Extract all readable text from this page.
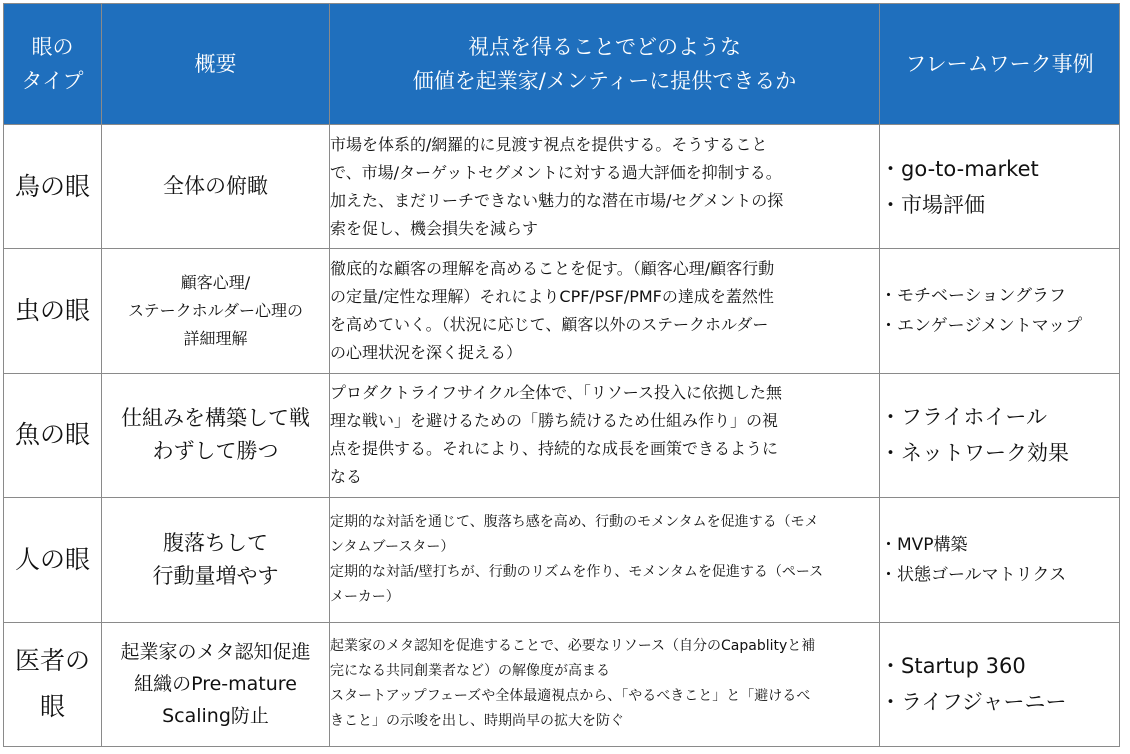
眼の
タイプ	概要	視点を得ることでどのような
価値を起業家/メンティーに提供できるか	フレームワーク事例
鳥の眼	全体の俯瞰	市場を体系的/網羅的に見渡す視点を提供する。そうすること
で、市場/ターゲットセグメントに対する過大評価を抑制する。
加えた、まだリーチできない魅力的な潜在市場/セグメントの探
索を促し、機会損失を減らす	・go-to-market
・市場評価

虫の眼	顧客心理/
ステークホルダー心理の
詳細理解	徹底的な顧客の理解を高めることを促す。（顧客心理/顧客行動
の定量/定性な理解）それによりCPF/PSF/PMFの達成を蓋然性
を高めていく。（状況に応じて、顧客以外のステークホルダー
の心理状況を深く捉える）	・モチベーショングラフ
・エンゲージメントマップ

魚の眼	仕組みを構築して戦
わずして勝つ	プロダクトライフサイクル全体で、「リソース投入に依拠した無
理な戦い」を避けるための「勝ち続けるため仕組み作り」の視
点を提供する。それにより、持続的な成長を画策できるように
なる	・フライホイール
・ネットワーク効果

人の眼	腹落ちして
行動量増やす	定期的な対話を通じて、腹落ち感を高め、行動のモメンタムを促進する（モメ
ンタムブースター）
定期的な対話/壁打ちが、行動のリズムを作り、モメンタムを促進する（ペース
メーカー）	・MVP構築
・状態ゴールマトリクス

医者の
眼	起業家のメタ認知促進
組織のPre-mature
Scaling防止	起業家のメタ認知を促進することで、必要なリソース（自分のCapablityと補
完になる共同創業者など）の解像度が高まる
スタートアップフェーズや全体最適視点から、「やるべきこと」と「避けるべ
きこと」の示唆を出し、時期尚早の拡大を防ぐ	・Startup 360
・ライフジャーニー
